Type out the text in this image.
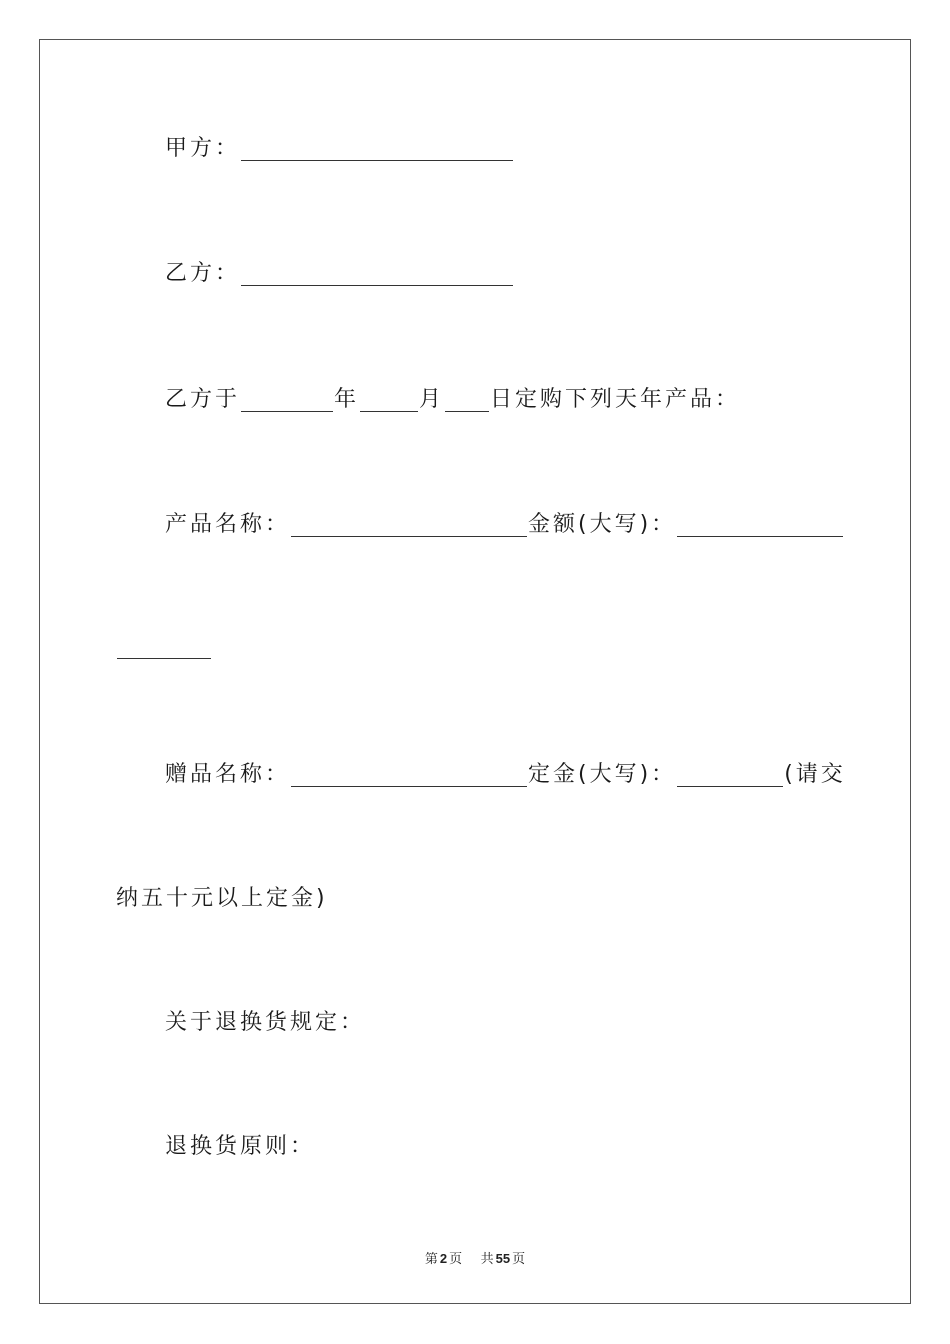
甲方：
乙方：
乙方于	年	月 日定购下列天年产品：
产品名称：	金额(大写)：
赠品名称：	定金(大写)：	(请交
纳五十元以上定金)
关于退换货规定：
退换货原则：
第 2 页 共 55 页
